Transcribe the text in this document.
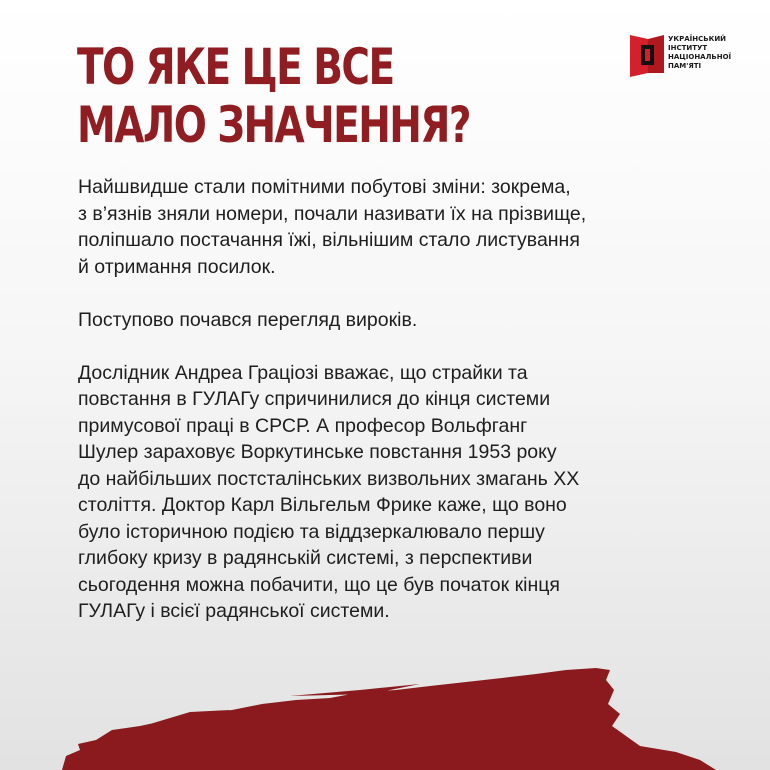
УКРАЇНСЬКИЙ
ІНСТИТУТ
НАЦІОНАЛЬНОЇ
ПАМ'ЯТІ
ТО ЯКЕ ЦЕ ВСЕ
МАЛО ЗНАЧЕННЯ?

Найшвидше стали помітними побутові зміни: зокрема,
з в’язнів зняли номери, почали називати їх на прізвище,
поліпшало постачання їжі, вільнішим стало листування
й отримання посилок.

Поступово почався перегляд вироків.

Дослідник Андреа Граціозі вважає, що страйки та
повстання в ГУЛАГу спричинилися до кінця системи
примусової праці в СРСР. А професор Вольфганг
Шулер зараховує Воркутинське повстання 1953 року
до найбільших постсталінських визвольних змагань XX
століття. Доктор Карл Вільгельм Фрике каже, що воно
було історичною подією та віддзеркалювало першу
глибоку кризу в радянській системі, з перспективи
сьогодення можна побачити, що це був початок кінця
ГУЛАГу і всієї радянської системи.
